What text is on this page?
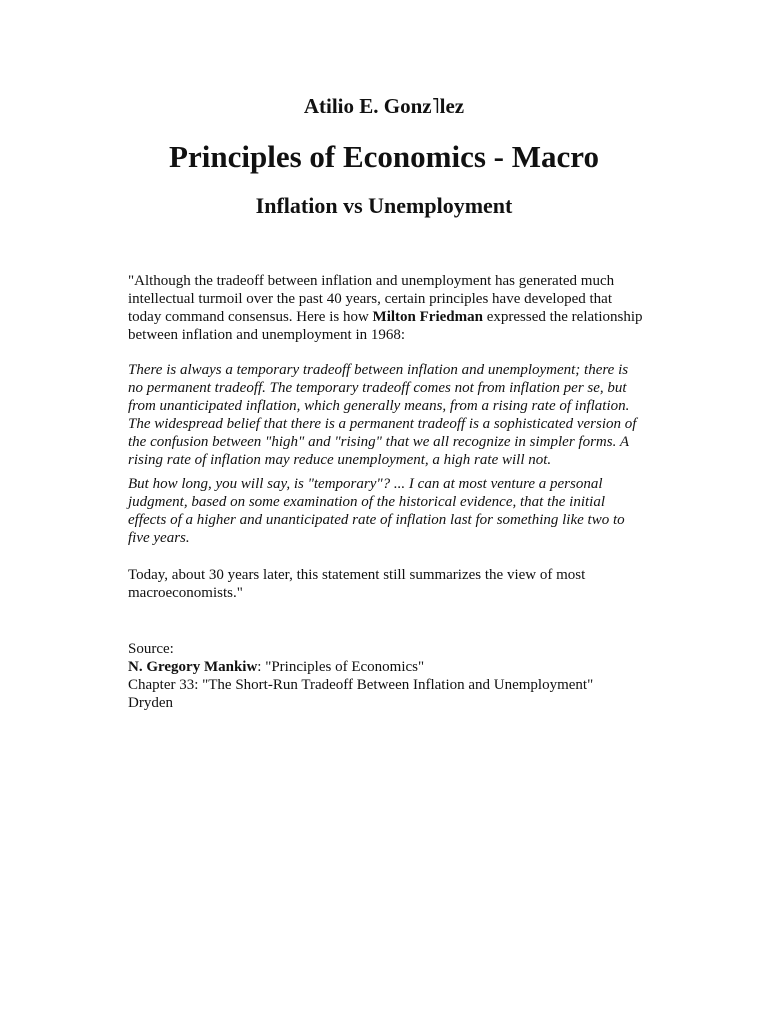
Atilio E. Gonz˥lez

Principles of Economics - Macro

Inflation vs Unemployment

"Although the tradeoff between inflation and unemployment has generated much intellectual turmoil over the past 40 years, certain principles have developed that today command consensus. Here is how Milton Friedman expressed the relationship between inflation and unemployment in 1968:

There is always a temporary tradeoff between inflation and unemployment; there is no permanent tradeoff. The temporary tradeoff comes not from inflation per se, but from unanticipated inflation, which generally means, from a rising rate of inflation. The widespread belief that there is a permanent tradeoff is a sophisticated version of the confusion between "high" and "rising" that we all recognize in simpler forms. A rising rate of inflation may reduce unemployment, a high rate will not.

But how long, you will say, is "temporary"? ... I can at most venture a personal judgment, based on some examination of the historical evidence, that the initial effects of a higher and unanticipated rate of inflation last for something like two to five years.

Today, about 30 years later, this statement still summarizes the view of most macroeconomists."

Source:
N. Gregory Mankiw: "Principles of Economics"
Chapter 33: "The Short-Run Tradeoff Between Inflation and Unemployment"
Dryden
